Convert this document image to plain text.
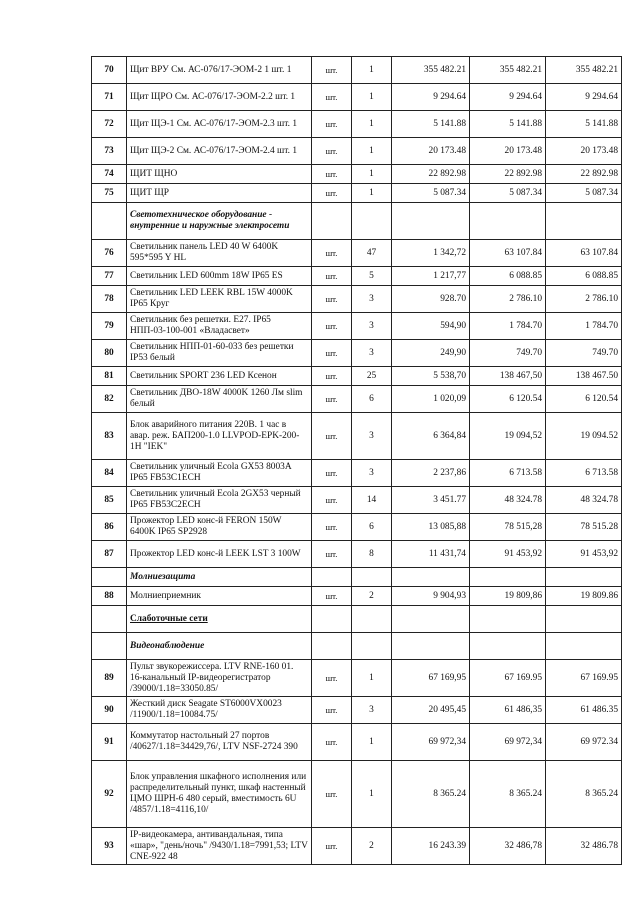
70	Щит ВРУ См. АС-076/17-ЭОМ-2 1 шт. 1	шт.	1	355 482.21	355 482.21	355 482.21
71	Щит ЩРО См. АС-076/17-ЭОМ-2.2 шт. 1	шт.	1	9 294.64	9 294.64	9 294.64
72	Щит ЩЭ-1 См. АС-076/17-ЭОМ-2.3 шт. 1	шт.	1	5 141.88	5 141.88	5 141.88
73	Щит ЩЭ-2 См. АС-076/17-ЭОМ-2.4 шт. 1	шт.	1	20 173.48	20 173.48	20 173.48
74	ЩИТ ЩНО	шт.	1	22 892.98	22 892.98	22 892.98
75	ЩИТ ЩР	шт.	1	5 087.34	5 087.34	5 087.34
	Светотехническое оборудование - внутренние и наружные электросети					
76	Светильник панель LED 40 W 6400K 595*595 Y HL	шт.	47	1 342,72	63 107.84	63 107.84
77	Светильник LED 600mm 18W IP65 ES	шт.	5	1 217,77	6 088.85	6 088.85
78	Светильник LED LEEK RBL 15W 4000K IP65 Круг	шт.	3	928.70	2 786.10	2 786.10
79	Светильник без решетки. E27. IP65 НПП-03-100-001 «Владасвет»	шт.	3	594,90	1 784.70	1 784.70
80	Светильник НПП-01-60-033 без решетки IP53 белый	шт.	3	249,90	749.70	749.70
81	Светильник SPORT 236 LED Ксенон	шт.	25	5 538,70	138 467,50	138 467.50
82	Светильник ДВО-18W 4000K 1260 Лм slim белый	шт.	6	1 020,09	6 120.54	6 120.54
83	Блок аварийного питания 220В. 1 час в авар. реж. БАП200-1.0 LLVPOD-EPK-200-1H "IEK"	шт.	3	6 364,84	19 094,52	19 094.52
84	Светильник уличный Ecola GX53 8003A IP65 FB53C1ECH	шт.	3	2 237,86	6 713.58	6 713.58
85	Светильник уличный Ecola 2GX53 черный IP65 FB53C2ECH	шт.	14	3 451.77	48 324.78	48 324.78
86	Прожектор LED конс-й FERON 150W 6400K IP65 SP2928	шт.	6	13 085,88	78 515,28	78 515.28
87	Прожектор LED конс-й LEEK LST 3 100W	шт.	8	11 431,74	91 453,92	91 453,92
	Молниезащита					
88	Молниеприемник	шт.	2	9 904,93	19 809,86	19 809.86
	Слаботочные сети					
	Видеонаблюдение					
89	Пульт звукорежиссера. LTV RNE-160 01. 16-канальный IP-видеорегистратор /39000/1.18=33050.85/	шт.	1	67 169,95	67 169.95	67 169.95
90	Жесткий диск Seagate ST6000VX0023 /11900/1.18=10084.75/	шт.	3	20 495,45	61 486,35	61 486.35
91	Коммутатор настольный 27 портов /40627/1.18=34429,76/, LTV NSF-2724 390	шт.	1	69 972,34	69 972,34	69 972.34
92	Блок управления шкафного исполнения или распределительный пункт, шкаф настенный ЦМО ШРН-6 480 серый, вместимость 6U /4857/1.18=4116,10/	шт.	1	8 365.24	8 365.24	8 365.24
93	IP-видеокамера, антивандальная, типа «шар», "день/ночь" /9430/1.18=7991,53; LTV CNE-922 48	шт.	2	16 243.39	32 486,78	32 486.78
